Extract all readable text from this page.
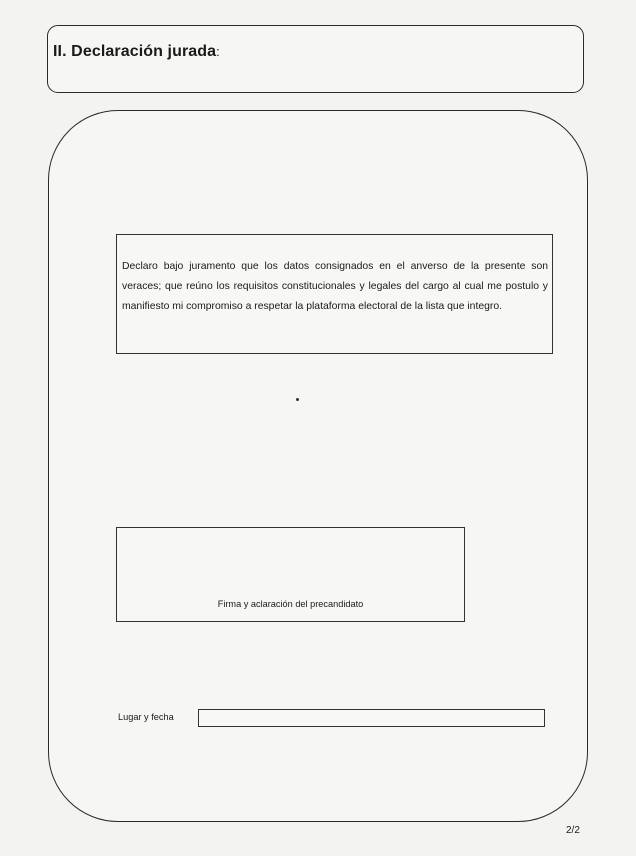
II. Declaración jurada:

Declaro bajo juramento que los datos consignados en el anverso de la presente son veraces; que reúno los requisitos constitucionales y legales del cargo al cual me postulo y manifiesto mi compromiso a respetar la plataforma electoral de la lista que integro.

Firma y aclaración del precandidato
Lugar y fecha
2/2
